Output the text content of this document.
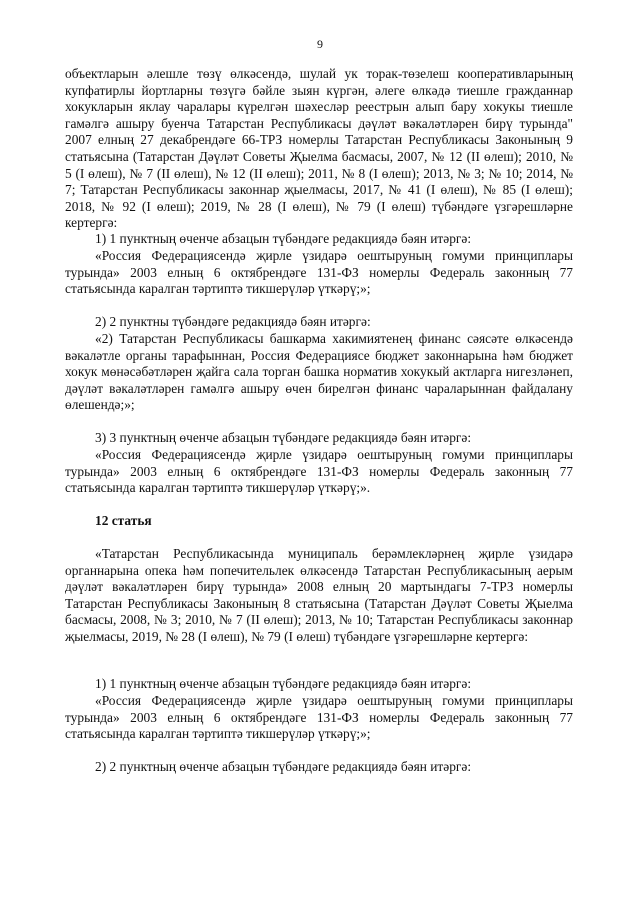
9

объектларын әлешле төзү өлкәсендә, шулай ук торак-төзелеш кооперативларының купфатирлы йортларны төзүгә бәйле зыян күргән, әлеге өлкәдә тиешле гражданнар хокукларын яклау чаралары күрелгән шәхесләр реестрын алып бару хокукы тиешле гамәлгә ашыру буенча Татарстан Республикасы дәүләт вәкаләтләрен бирү турында" 2007 елның 27 декабрендәге 66-ТРЗ номерлы Татарстан Республикасы Законының 9 статьясына (Татарстан Дәүләт Советы Җыелма басмасы, 2007, № 12 (II өлеш); 2010, № 5 (I өлеш), № 7 (II өлеш), № 12 (II өлеш); 2011, № 8 (I өлеш); 2013, № 3; № 10; 2014, № 7; Татарстан Республикасы законнар җыелмасы, 2017, № 41 (I өлеш), № 85 (I өлеш); 2018, № 92 (I өлеш); 2019, № 28 (I өлеш), № 79 (I өлеш) түбәндәге үзгәрешләрне кертергә:

1) 1 пунктның өченче абзацын түбәндәге редакциядә бәян итәргә:

«Россия Федерациясендә җирле үзидарә оештыруның гомуми принциплары турында» 2003 елның 6 октябрендәге 131-ФЗ номерлы Федераль законның 77 статьясында каралган тәртиптә тикшерүләр үткәрү;»;

2) 2 пунктны түбәндәге редакциядә бәян итәргә:

«2) Татарстан Республикасы башкарма хакимиятенең финанс сәясәте өлкәсендә вәкаләтле органы тарафыннан, Россия Федерациясе бюджет законнарына һәм бюджет хокук мөнәсәбәтләрен җайга сала торган башка норматив хокукый актларга нигезләнеп, дәүләт вәкаләтләрен гамәлгә ашыру өчен бирелгән финанс чараларыннан файдалану өлешендә;»;

3) 3 пунктның өченче абзацын түбәндәге редакциядә бәян итәргә:

«Россия Федерациясендә җирле үзидарә оештыруның гомуми принциплары турында» 2003 елның 6 октябрендәге 131-ФЗ номерлы Федераль законның 77 статьясында каралган тәртиптә тикшерүләр үткәрү;».

12 статья

«Татарстан Республикасында муниципаль берәмлекләрнең җирле үзидарә органнарына опека һәм попечительлек өлкәсендә Татарстан Республикасының аерым дәүләт вәкаләтләрен бирү турында» 2008 елның 20 мартындагы 7-ТРЗ номерлы Татарстан Республикасы Законының 8 статьясына (Татарстан Дәүләт Советы Җыелма басмасы, 2008, № 3; 2010, № 7 (II өлеш); 2013, № 10; Татарстан Республикасы законнар җыелмасы, 2019, № 28 (I өлеш), № 79 (I өлеш) түбәндәге үзгәрешләрне кертергә:

1) 1 пунктның өченче абзацын түбәндәге редакциядә бәян итәргә:

«Россия Федерациясендә җирле үзидарә оештыруның гомуми принциплары турында» 2003 елның 6 октябрендәге 131-ФЗ номерлы Федераль законның 77 статьясында каралган тәртиптә тикшерүләр үткәрү;»;

2) 2 пунктның өченче абзацын түбәндәге редакциядә бәян итәргә:
